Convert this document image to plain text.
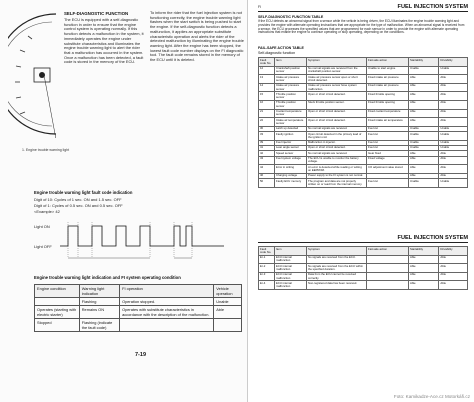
SELF-DIAGNOSTIC FUNCTION
The ECU is equipped with a self-diagnostic function in order to ensure that the engine control system is operating normally. If this function detects a malfunction in the system, it immediately operates the engine under substitute characteristics and illuminates the engine trouble warning light to alert the rider that a malfunction has occurred in the system. Once a malfunction has been detected, a fault code is stored in the memory of the ECU.
To inform the rider that the fuel injection system is not functioning correctly, the engine trouble warning light flashes when the start switch is being pushed to start the engine. If the self-diagnostic function detects a malfunction, it applies an appropriate substitute characteristic operation and alerts the rider of the detected malfunction by illuminating the engine trouble warning light. After the engine has been stopped, the lowest fault code number displays on the FI diagnostic tool. The fault code remains stored in the memory of the ECU until it is deleted.
1. Engine trouble warning light
Engine trouble warning light fault code indication
Digit of 10: Cycles of 1 sec. ON and 1.5 sec. OFF
Digit of 1: Cycles of 0.5 sec. ON and 0.5 sec. OFF
<Example> 42
Light ON
Light OFF
Engine trouble warning light indication and FI system operating condition
Engine condition	Warning light indication	FI operation	Vehicle operation
	Flashing	Operation stopped.	Unable
Operates (starting with electric starter)	Remains ON	Operates with substitute characteristics in accordance with the description of the malfunction.	Able
Stopped	Flashing (indicate the fault code)		
7-19
FI	FUEL INJECTION SYSTEM
SELF-DIAGNOSTIC FUNCTION TABLE
If the ECU detects an abnormal signal from a sensor while the vehicle is being driven, the ECU illuminates the engine trouble warning light and provides the engine with alternate operating instructions that are appropriate for the type of malfunction. When an abnormal signal is received from a sensor, the ECU processes the specified values that are programmed for each sensor in order to provide the engine with alternate operating instructions that enable the engine to continue operating or stop operating, depending on the conditions.
FAIL-SAFE ACTION TABLE
Self-diagnostic function
Fault code No.	Item	Symptom	Fail-safe action	Startability	Drivability
12	Crankshaft position sensor	No normal signals are received from the crankshaft position sensor.	Unable to start engine	Unable	Unable
13	Intake air pressure sensor	Intake air pressure sensor open or short circuit detected.	Fixed intake air pressure	Able	Able
14	Intake air pressure sensor	Intake air pressure sensor hose system malfunction.	Fixed intake air pressure	Able	Able
15	Throttle position sensor	Open or short circuit detected.	Fixed throttle opening	Able	Able
16	Throttle position sensor	Stuck throttle position sensor.	Fixed throttle opening	Able	Able
21	Coolant temperature sensor	Open or short circuit detected.	Fixed coolant temperature	Able	Able
22	Intake air temperature sensor	Open or short circuit detected.	Fixed intake air temperature	Able	Able
30	Latch up detected	No normal signals are received.	Fuel cut	Unable	Unable
33	Faulty ignition	Open circuit detected in the primary lead of the ignition coil.	Fuel cut	Unable	Unable
39	Fuel injector	Malfunction in injector.	Fuel cut	Unable	Unable
41	Lean angle sensor	Open or short circuit detected.	Fuel cut	Unable	Unable
42	Speed sensor	No normal signals are received.	Gear fixed	Able	Able
43	Fuel system voltage	The ECU is unable to monitor the battery voltage.	Fixed voltage	Able	Able
44	Error in writing	An error is detected while reading or writing on EEPROM.	CO adjustment value stored	Able	Able
46	Charging voltage	Power supply to the FI system is not normal.		Able	Able
50	Faulty ECU memory	The program and data are not properly written on or read from the internal memory.	Fuel cut	Unable	Unable
FUEL INJECTION SYSTEM
Fault code No.	Item	Symptom	Fail-safe action	Startability	Drivability
Er-1	ECU internal malfunction	No signals are received from the ECU.		Able	Able
Er-2	ECU internal malfunction	No signals are received from the ECU within the specified duration.		Able	Able
Er-3	ECU internal malfunction	Data from the ECU cannot be received correctly.		Able	Able
Er-4	ECU internal malfunction	Non-registered data has been received.		Able	Able
Foto: Kamikadze-Ace.cz Motorkáři.cz
